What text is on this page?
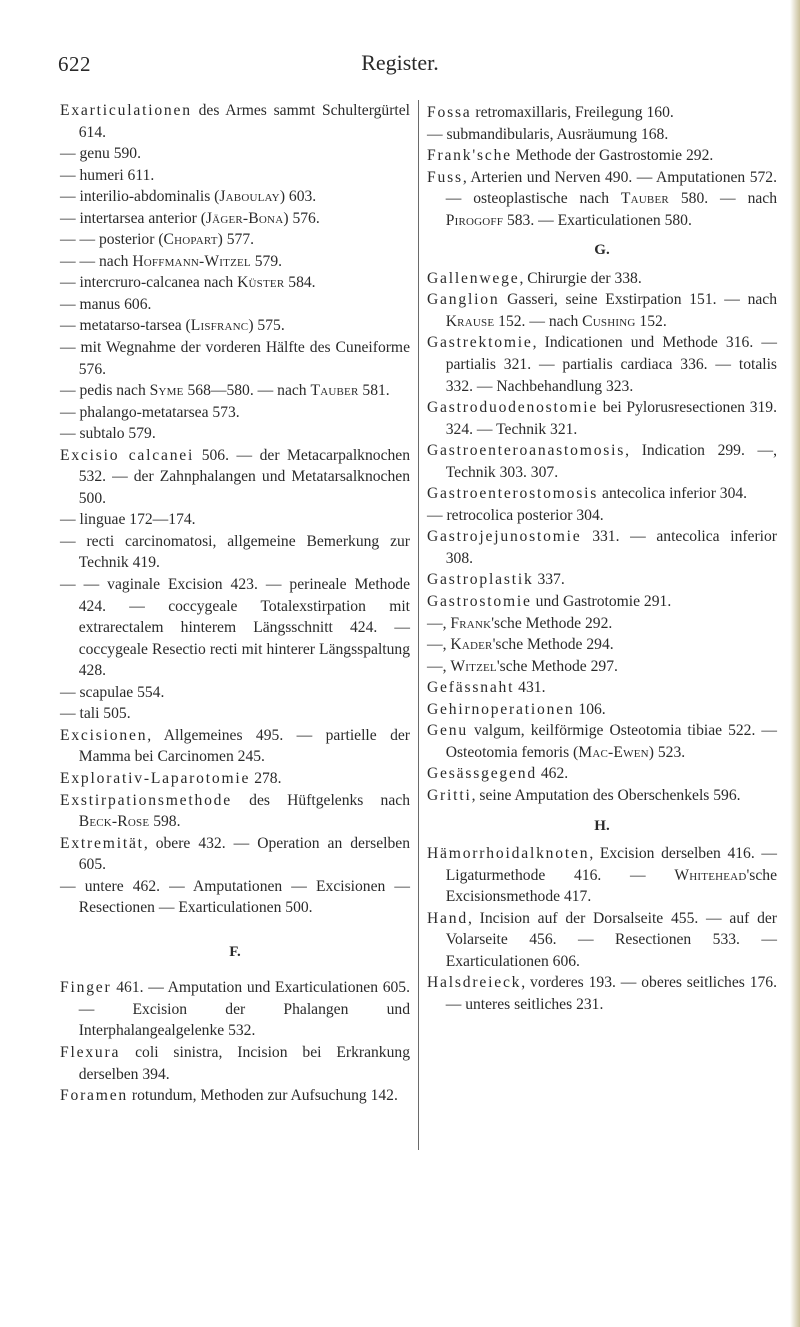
622	Register.
Exarticulationen des Armes sammt Schultergürtel 614.
— genu 590.
— humeri 611.
— interilio-abdominalis (Jaboulay) 603.
— intertarsea anterior (Jäger-Bona) 576.
— — posterior (Chopart) 577.
— — nach Hoffmann-Witzel 579.
— intercruro-calcanea nach Küster 584.
— manus 606.
— metatarso-tarsea (Lisfranc) 575.
— mit Wegnahme der vorderen Hälfte des Cuneiforme 576.
— pedis nach Syme 568—580. — nach Tauber 581.
— phalango-metatarsea 573.
— subtalo 579.
Excisio calcanei 506. — der Metacarpalknochen 532. — der Zahnphalangen und Metatarsalknochen 500.
— linguae 172—174.
— recti carcinomatosi, allgemeine Bemerkung zur Technik 419.
— — vaginale Excision 423. — perineale Methode 424. — coccygeale Totalexstirpation mit extrarectalem hinterem Längsschnitt 424. — coccygeale Resectio recti mit hinterer Längsspaltung 428.
— scapulae 554.
— tali 505.
Excisionen, Allgemeines 495. — partielle der Mamma bei Carcinomen 245.
Explorativ-Laparotomie 278.
Exstirpationsmethode des Hüftgelenks nach Beck-Rose 598.
Extremität, obere 432. — Operation an derselben 605.
— untere 462. — Amputationen — Excisionen — Resectionen — Exarticulationen 500.
F.
Finger 461. — Amputation und Exarticulationen 605. — Excision der Phalangen und Interphalangealgelenke 532.
Flexura coli sinistra, Incision bei Erkrankung derselben 394.
Foramen rotundum, Methoden zur Aufsuchung 142.
Fossa retromaxillaris, Freilegung 160.
— submandibularis, Ausräumung 168.
Frank'sche Methode der Gastrostomie 292.
Fuss, Arterien und Nerven 490. — Amputationen 572. — osteoplastische nach Tauber 580. — nach Pirogoff 583. — Exarticulationen 580.
G.
Gallenwege, Chirurgie der 338.
Ganglion Gasseri, seine Exstirpation 151. — nach Krause 152. — nach Cushing 152.
Gastrektomie, Indicationen und Methode 316. — partialis 321. — partialis cardiaca 336. — totalis 332. — Nachbehandlung 323.
Gastroduodenostomie bei Pylorusresectionen 319. 324. — Technik 321.
Gastroenteroanastomosis, Indication 299. —, Technik 303. 307.
Gastroenterostomosis antecolica inferior 304.
— retrocolica posterior 304.
Gastrojejunostomie 331. — antecolica inferior 308.
Gastroplastik 337.
Gastrostomie und Gastrotomie 291.
—, Frank'sche Methode 292.
—, Kader'sche Methode 294.
—, Witzel'sche Methode 297.
Gefässnaht 431.
Gehirnoperationen 106.
Genu valgum, keilförmige Osteotomia tibiae 522. — Osteotomia femoris (Mac-Ewen) 523.
Gesässgegend 462.
Gritti, seine Amputation des Oberschenkels 596.
H.
Hämorrhoidalknoten, Excision derselben 416. — Ligaturmethode 416. — Whitehead'sche Excisionsmethode 417.
Hand, Incision auf der Dorsalseite 455. — auf der Volarseite 456. — Resectionen 533. — Exarticulationen 606.
Halsdreieck, vorderes 193. — oberes seitliches 176. — unteres seitliches 231.
